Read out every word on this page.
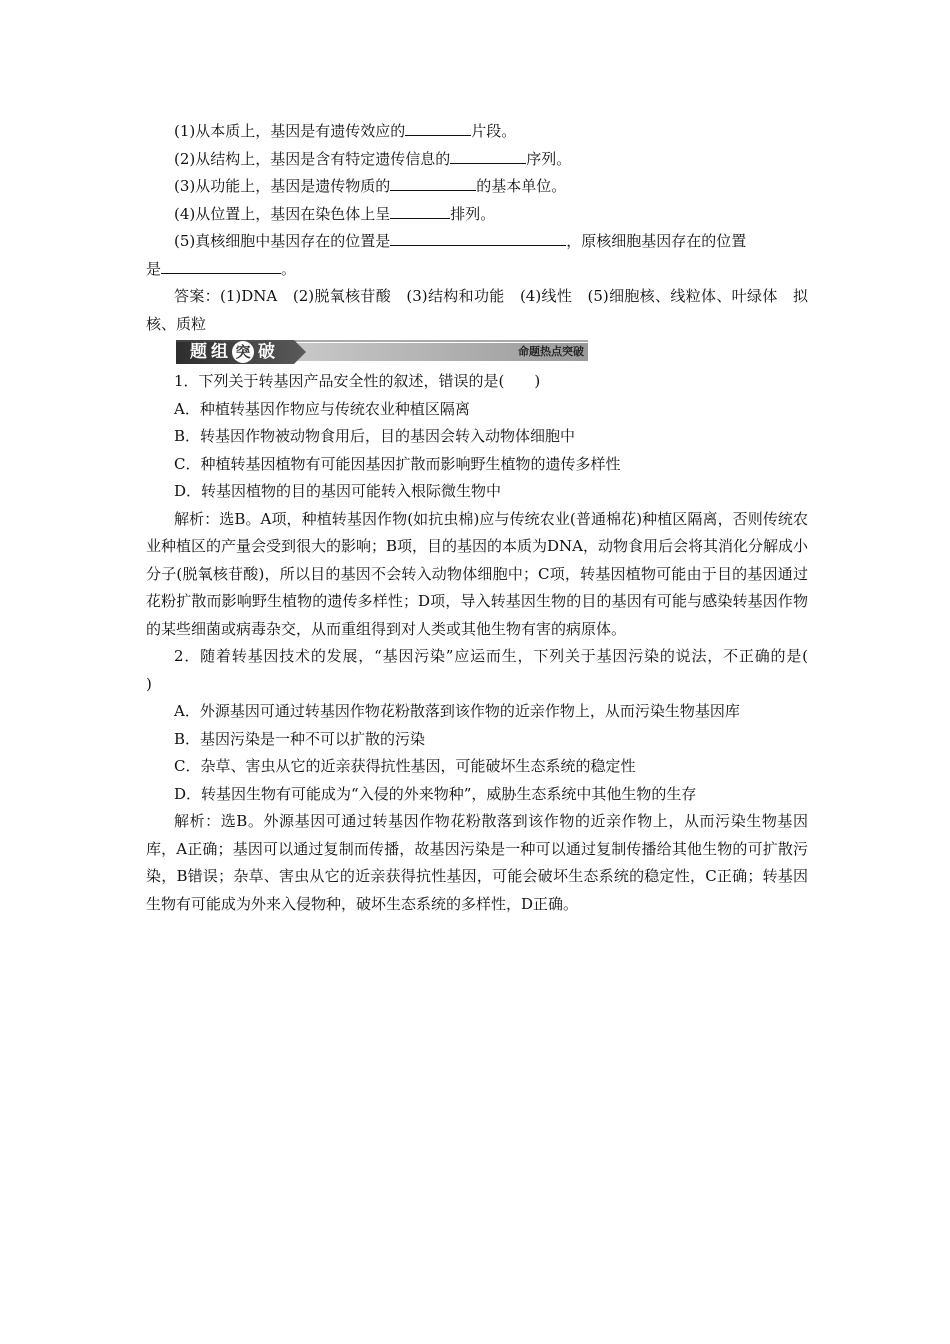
(1)从本质上，基因是有遗传效应的	片段。

(2)从结构上，基因是含有特定遗传信息的	序列。

(3)从功能上，基因是遗传物质的	的基本单位。

(4)从位置上，基因在染色体上呈	排列。

(5)真核细胞中基因存在的位置是	，原核细胞基因存在的位置
是	。

答案：(1)DNA　(2)脱氧核苷酸　(3)结构和功能　(4)线性　(5)细胞核、线粒体、叶绿体　拟核、质粒

题组 突 破	命题热点突破

1．下列关于转基因产品安全性的叙述，错误的是(　　)

A．种植转基因作物应与传统农业种植区隔离

B．转基因作物被动物食用后，目的基因会转入动物体细胞中

C．种植转基因植物有可能因基因扩散而影响野生植物的遗传多样性

D．转基因植物的目的基因可能转入根际微生物中

解析：选B。A项，种植转基因作物(如抗虫棉)应与传统农业(普通棉花)种植区隔离，否则传统农业种植区的产量会受到很大的影响；B项，目的基因的本质为DNA，动物食用后会将其消化分解成小分子(脱氧核苷酸)，所以目的基因不会转入动物体细胞中；C项，转基因植物可能由于目的基因通过花粉扩散而影响野生植物的遗传多样性；D项，导入转基因生物的目的基因有可能与感染转基因作物的某些细菌或病毒杂交，从而重组得到对人类或其他生物有害的病原体。

2．随着转基因技术的发展，“基因污染”应运而生，下列关于基因污染的说法，不正确的是(　　)

A．外源基因可通过转基因作物花粉散落到该作物的近亲作物上，从而污染生物基因库

B．基因污染是一种不可以扩散的污染

C．杂草、害虫从它的近亲获得抗性基因，可能破坏生态系统的稳定性

D．转基因生物有可能成为“入侵的外来物种”，威胁生态系统中其他生物的生存

解析：选B。外源基因可通过转基因作物花粉散落到该作物的近亲作物上，从而污染生物基因库，A正确；基因可以通过复制而传播，故基因污染是一种可以通过复制传播给其他生物的可扩散污染，B错误；杂草、害虫从它的近亲获得抗性基因，可能会破坏生态系统的稳定性，C正确；转基因生物有可能成为外来入侵物种，破坏生态系统的多样性，D正确。
